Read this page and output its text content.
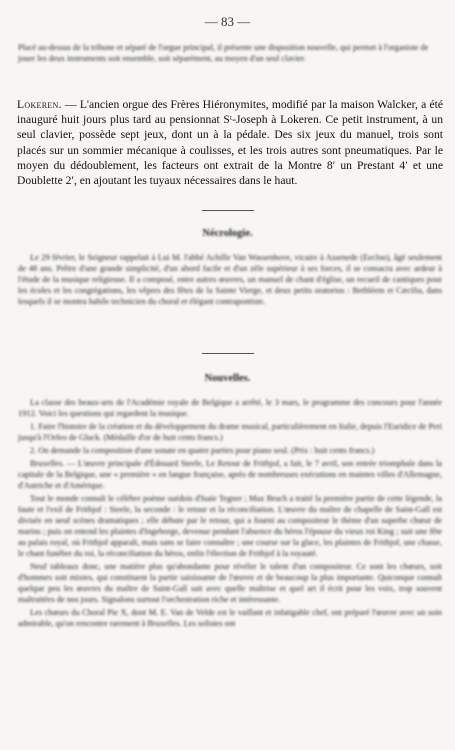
— 83 —
Placé au-dessus de la tribune et séparé de l'orgue principal, il présente une disposition nouvelle, qui permet à l'organiste de jouer les deux instruments soit ensemble, soit séparément, au moyen d'un seul clavier.
Lokeren. — L'ancien orgue des Frères Hiéronymites, modifié par la maison Walcker, a été inauguré huit jours plus tard au pensionnat Sᵗ-Joseph à Lokeren. Ce petit instrument, à un seul clavier, possède sept jeux, dont un à la pédale. Des six jeux du manuel, trois sont placés sur un sommier mécanique à coulisses, et les trois autres sont pneumatiques. Par le moyen du dédoublement, les facteurs ont extrait de la Montre 8′ un Prestant 4′ et une Doublette 2′, en ajoutant les tuyaux nécessaires dans le haut.
Nécrologie.

Le 29 février, le Seigneur rappelait à Lui M. l'abbé Achille Van Wassenhove, vicaire à Assenede (Eecloo), âgé seulement de 48 ans. Prêtre d'une grande simplicité, d'un abord facile et d'un zèle supérieur à ses forces, il se consacra avec ardeur à l'étude de la musique religieuse. Il a composé, entre autres œuvres, un manuel de chant d'église, un recueil de cantiques pour les écoles et les congrégations, les vêpres des fêtes de la Sainte Vierge, et deux petits oratorios : Bethléem et Cæcilia, dans lesquels il se montra habile technicien du choral et élégant contrapontiste.

Nouvelles.

La classe des beaux-arts de l'Académie royale de Belgique a arrêté, le 3 mars, le programme des concours pour l'année 1912. Voici les questions qui regardent la musique.

1. Faire l'histoire de la création et du développement du drame musical, particulièrement en Italie, depuis l'Euridice de Peri jusqu'à l'Orfeo de Gluck. (Médaille d'or de huit cents francs.)

2. On demande la composition d'une sonate en quatre parties pour piano seul. (Prix : huit cents francs.)

Bruxelles. — L'œuvre principale d'Édouard Steele, Le Retour de Frithjof, a fait, le 7 avril, son entrée triomphale dans la capitale de la Belgique, une « première » en langue française, après de nombreuses exécutions en maintes villes d'Allemagne, d'Autriche et d'Amérique.

Tout le monde connaît le célèbre poème suédois d'Isaïe Tegner ; Max Bruch a traité la première partie de cette légende, la faute et l'exil de Frithjof : Steele, la seconde : le retour et la réconciliation. L'œuvre du maître de chapelle de Saint-Gall est divisée en neuf scènes dramatiques ; elle débute par le retour, qui a fourni au compositeur le thème d'un superbe chœur de marins ; puis on entend les plaintes d'Ingeborge, devenue pendant l'absence du héros l'épouse du vieux roi King ; suit une fête au palais royal, où Frithjof apparaît, mais sans se faire connaître ; une course sur la glace, les plaintes de Frithjof, une chasse, le chant funèbre du roi, la réconciliation du héros, enfin l'élection de Frithjof à la royauté.

Neuf tableaux donc, une matière plus qu'abondante pour révéler le talent d'un compositeur. Ce sont les chœurs, soit d'hommes soit mixtes, qui constituent la partie saisissante de l'œuvre et de beaucoup la plus importante. Quiconque connaît quelque peu les œuvres du maître de Saint-Gall sait avec quelle maîtrise et quel art il écrit pour les voix, trop souvent maltraitées de nos jours. Signalons surtout l'orchestration riche et intéressante.

Les chœurs du Choral Pie X, dont M. E. Van de Velde est le vaillant et infatigable chef, ont préparé l'œuvre avec un soin admirable, qu'on rencontre rarement à Bruxelles. Les solistes ont
